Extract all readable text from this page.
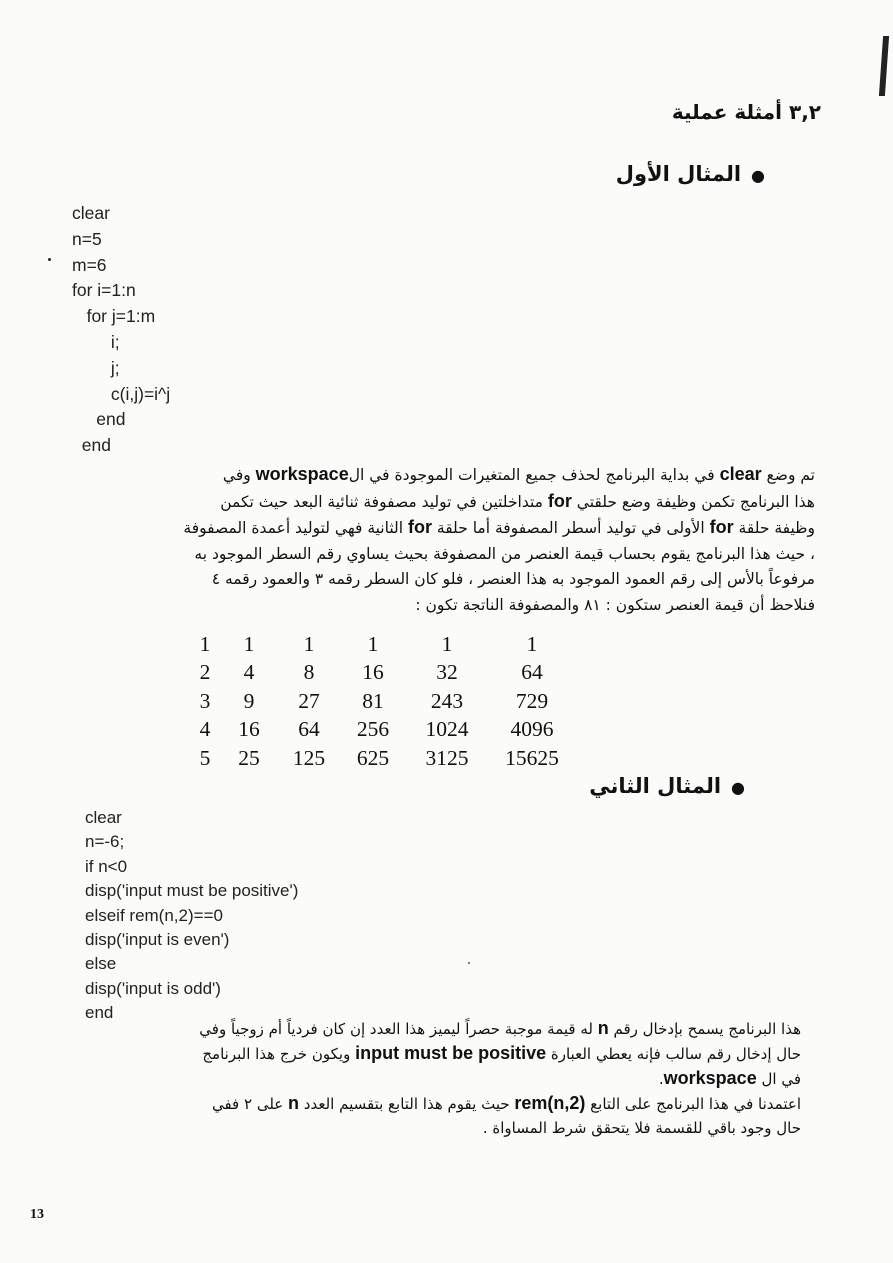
٣,٢ أمثلة عملية
●المثال الأول
clear
n=5
m=6
for i=1:n
for j=1:m
i;
j;
c(i,j)=i^j
end
end
تم وضع clear في بداية البرنامج لحذف جميع المتغيرات الموجودة في الworkspace وفي
هذا البرنامج تكمن وظيفة وضع حلقتي for متداخلتين في توليد مصفوفة ثنائية البعد حيث تكمن
وظيفة حلقة for الأولى في توليد أسطر المصفوفة أما حلقة for الثانية فهي لتوليد أعمدة المصفوفة
، حيث هذا البرنامج يقوم بحساب قيمة العنصر من المصفوفة بحيث يساوي رقم السطر الموجود به
مرفوعاً بالأس إلى رقم العمود الموجود به هذا العنصر ، فلو كان السطر رقمه ٣ والعمود رقمه ٤
فنلاحظ أن قيمة العنصر ستكون : ٨١ والمصفوفة الناتجة تكون :
1	1	1	1	1	1
2	4	8	16	32	64
3	9	27	81	243	729
4	16	64	256	1024	4096
5	25	125	625	3125	15625
●المثال الثاني
clear
n=-6;
if n<0
disp('input must be positive')
elseif rem(n,2)==0
disp('input is even')
else
disp('input is odd')
end
هذا البرنامج يسمح بإدخال رقم n له قيمة موجبة حصراً ليميز هذا العدد إن كان فردياً أم زوجياً وفي
حال إدخال رقم سالب فإنه يعطي العبارة input must be positive ويكون خرج هذا البرنامج
في ال workspace.
اعتمدنا في هذا البرنامج على التابع rem(n,2) حيث يقوم هذا التابع بتقسيم العدد n على ٢ ففي
حال وجود باقي للقسمة فلا يتحقق شرط المساواة .
13
